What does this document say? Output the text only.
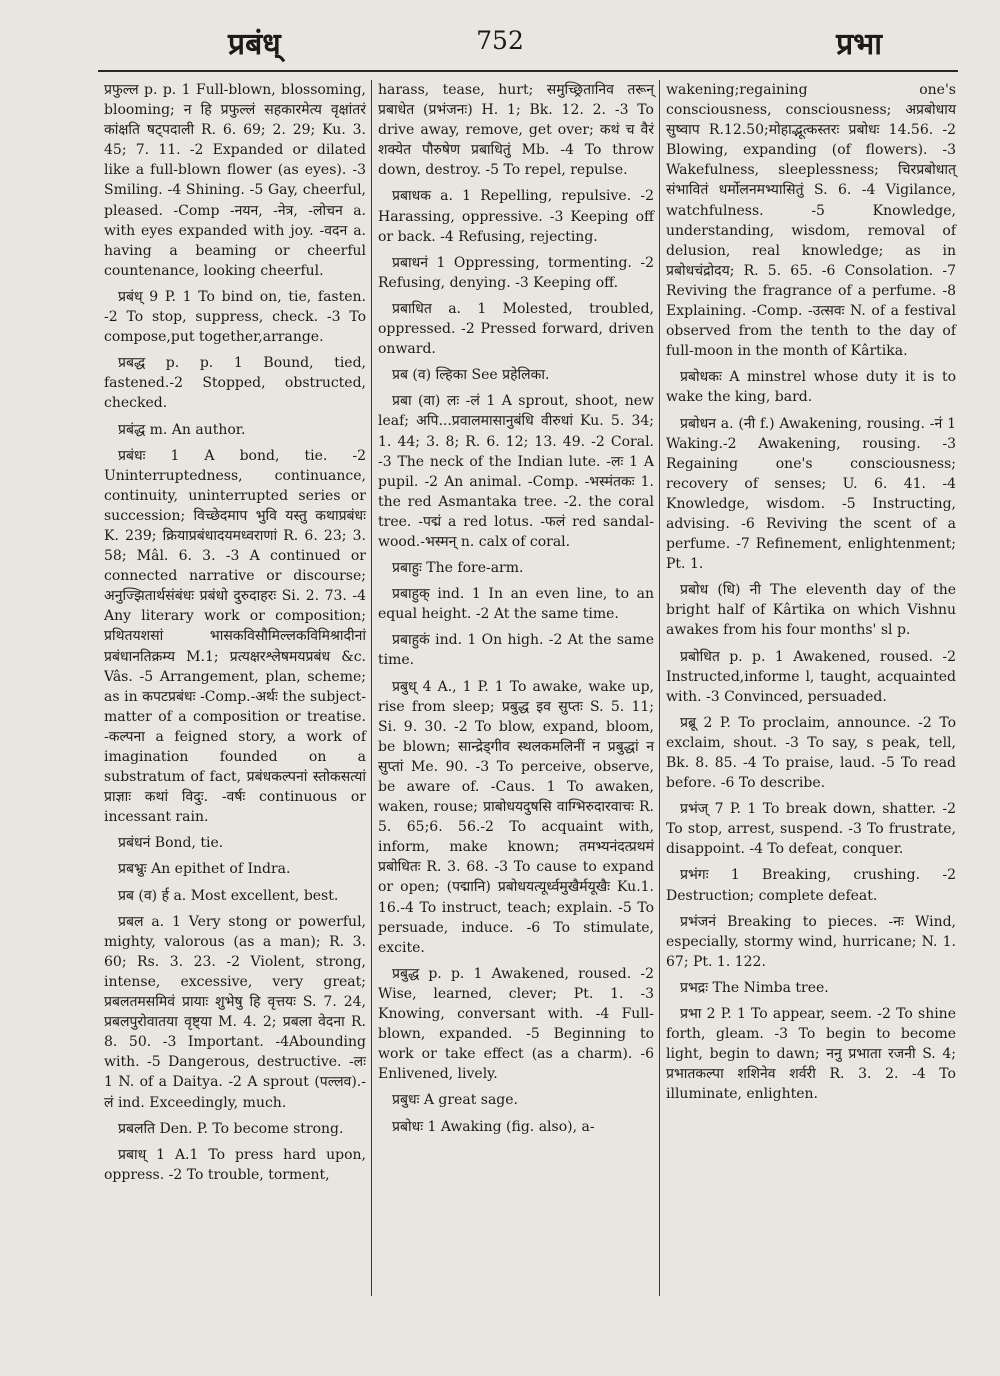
प्रबंध्	752	प्रभा

प्रफुल्ल p. p. 1 Full-blown, blossoming, blooming; न हि प्रफुल्लं सहकारमेत्य वृक्षांतरं कांक्षति षट्पदाली R. 6. 69; 2. 29; Ku. 3. 45; 7. 11. -2 Expanded or dilated like a full-blown flower (as eyes). -3 Smiling. -4 Shining. -5 Gay, cheerful, pleased. -Comp -नयन, -नेत्र, -लोचन a. with eyes expanded with joy. -वदन a. having a beaming or cheerful countenance, looking cheerful.

प्रबंध् 9 P. 1 To bind on, tie, fasten. -2 To stop, suppress, check. -3 To compose,put together,arrange.

प्रबद्ध p. p. 1 Bound, tied, fastened.-2 Stopped, obstructed, checked.

प्रबंद्ध m. An author.

प्रबंधः 1 A bond, tie. -2 Uninterruptedness, continuance, continuity, uninterrupted series or succession; विच्छेदमाप भुवि यस्तु कथाप्रबंधः K. 239; क्रियाप्रबंधादयमध्वराणां R. 6. 23; 3. 58; Mâl. 6. 3. -3 A continued or connected narrative or discourse; अनुज्झितार्थसंबंधः प्रबंधो दुरुदाहरः Si. 2. 73. -4 Any literary work or composition; प्रथितयशसां भासकविसौमिल्लकविमिश्रादीनां प्रबंधानतिक्रम्य M.1; प्रत्यक्षरश्लेषमयप्रबंध &c. Vâs. -5 Arrangement, plan, scheme; as in कपटप्रबंधः -Comp.-अर्थः the subject-matter of a composition or treatise. -कल्पना a feigned story, a work of imagination founded on a substratum of fact, प्रबंधकल्पनां स्तोकसत्यां प्राज्ञाः कथां विदुः. -वर्षः continuous or incessant rain.

प्रबंधनं Bond, tie.

प्रबभ्रुः An epithet of Indra.

प्रब (व) र्ह a. Most excellent, best.

प्रबल a. 1 Very stong or powerful, mighty, valorous (as a man); R. 3. 60; Rs. 3. 23. -2 Violent, strong, intense, excessive, very great; प्रबलतमसमिवं प्रायाः शुभेषु हि वृत्तयः S. 7. 24, प्रबलपुरोवातया वृष्ट्या M. 4. 2; प्रबला वेदना R. 8. 50. -3 Important. -4Abounding with. -5 Dangerous, destructive. -लः 1 N. of a Daitya. -2 A sprout (पल्लव).-लं ind. Exceedingly, much.

प्रबलति Den. P. To become strong.

प्रबाध् 1 A.1 To press hard upon, oppress. -2 To trouble, torment,

harass, tease, hurt; समुच्छ्रितानिव तरून् प्रबाधेत (प्रभंजनः) H. 1; Bk. 12. 2. -3 To drive away, remove, get over; कथं च वैरं शक्येत पौरुषेण प्रबाधितुं Mb. -4 To throw down, destroy. -5 To repel, repulse.

प्रबाधक a. 1 Repelling, repulsive. -2 Harassing, oppressive. -3 Keeping off or back. -4 Refusing, rejecting.

प्रबाधनं 1 Oppressing, tormenting. -2 Refusing, denying. -3 Keeping off.

प्रबाधित a. 1 Molested, troubled, oppressed. -2 Pressed forward, driven onward.

प्रब (व) ल्हिका See प्रहेलिका.

प्रबा (वा) लः -लं 1 A sprout, shoot, new leaf; अपि...प्रवालमासानुबंधि वीरुधां Ku. 5. 34; 1. 44; 3. 8; R. 6. 12; 13. 49. -2 Coral. -3 The neck of the Indian lute. -लः 1 A pupil. -2 An animal. -Comp. -भस्मंतकः 1. the red Asmantaka tree. -2. the coral tree. -पद्मं a red lotus. -फलं red sandal-wood.-भस्मन् n. calx of coral.

प्रबाहुः The fore-arm.

प्रबाहुक् ind. 1 In an even line, to an equal height. -2 At the same time.

प्रबाहुकं ind. 1 On high. -2 At the same time.

प्रबुध् 4 A., 1 P. 1 To awake, wake up, rise from sleep; प्रबुद्ध इव सुप्तः S. 5. 11; Si. 9. 30. -2 To blow, expand, bloom, be blown; सान्द्रेड्गीव स्थलकमलिनीं न प्रबुद्धां न सुप्तां Me. 90. -3 To perceive, observe, be aware of. -Caus. 1 To awaken, waken, rouse; प्राबोधयदुषसि वाग्भिरुदारवाचः R. 5. 65;6. 56.-2 To acquaint with, inform, make known; तमभ्यनंदत्प्रथमं प्रबोधितः R. 3. 68. -3 To cause to expand or open; (पद्मानि) प्रबोधयत्यूर्ध्वमुखैर्मयूखैः Ku.1. 16.-4 To instruct, teach; explain. -5 To persuade, induce. -6 To stimulate, excite.

प्रबुद्ध p. p. 1 Awakened, roused. -2 Wise, learned, clever; Pt. 1. -3 Knowing, conversant with. -4 Full-blown, expanded. -5 Beginning to work or take effect (as a charm). -6 Enlivened, lively.

प्रबुधः A great sage.

प्रबोधः 1 Awaking (fig. also), a-

wakening;regaining one's consciousness, consciousness; अप्रबोधाय सुष्वाप R.12.50;मोहाद्भूत्कस्तरः प्रबोधः 14.56. -2 Blowing, expanding (of flowers). -3 Wakefulness, sleeplessness; चिरप्रबोधात् संभावितं धर्मोलनमभ्यासितुं S. 6. -4 Vigilance, watchfulness. -5 Knowledge, understanding, wisdom, removal of delusion, real knowledge; as in प्रबोधचंद्रोदय; R. 5. 65. -6 Consolation. -7 Reviving the fragrance of a perfume. -8 Explaining. -Comp. -उत्सवः N. of a festival observed from the tenth to the day of full-moon in the month of Kârtika.

प्रबोधकः A minstrel whose duty it is to wake the king, bard.

प्रबोधन a. (नी f.) Awakening, rousing. -नं 1 Waking.-2 Awakening, rousing. -3 Regaining one's consciousness; recovery of senses; U. 6. 41. -4 Knowledge, wisdom. -5 Instructing, advising. -6 Reviving the scent of a perfume. -7 Refinement, enlightenment; Pt. 1.

प्रबोध (धि) नी The eleventh day of the bright half of Kârtika on which Vishnu awakes from his four months' sl p.

प्रबोधित p. p. 1 Awakened, roused. -2 Instructed,informe l, taught, acquainted with. -3 Convinced, persuaded.

प्रब्रू 2 P. To proclaim, announce. -2 To exclaim, shout. -3 To say, s peak, tell, Bk. 8. 85. -4 To praise, laud. -5 To read before. -6 To describe.

प्रभंज् 7 P. 1 To break down, shatter. -2 To stop, arrest, suspend. -3 To frustrate, disappoint. -4 To defeat, conquer.

प्रभंगः 1 Breaking, crushing. -2 Destruction; complete defeat.

प्रभंजनं Breaking to pieces. -नः Wind, especially, stormy wind, hurricane; N. 1. 67; Pt. 1. 122.

प्रभद्रः The Nimba tree.

प्रभा 2 P. 1 To appear, seem. -2 To shine forth, gleam. -3 To begin to become light, begin to dawn; ननु प्रभाता रजनी S. 4; प्रभातकल्पा शशिनेव शर्वरी R. 3. 2. -4 To illuminate, enlighten.
